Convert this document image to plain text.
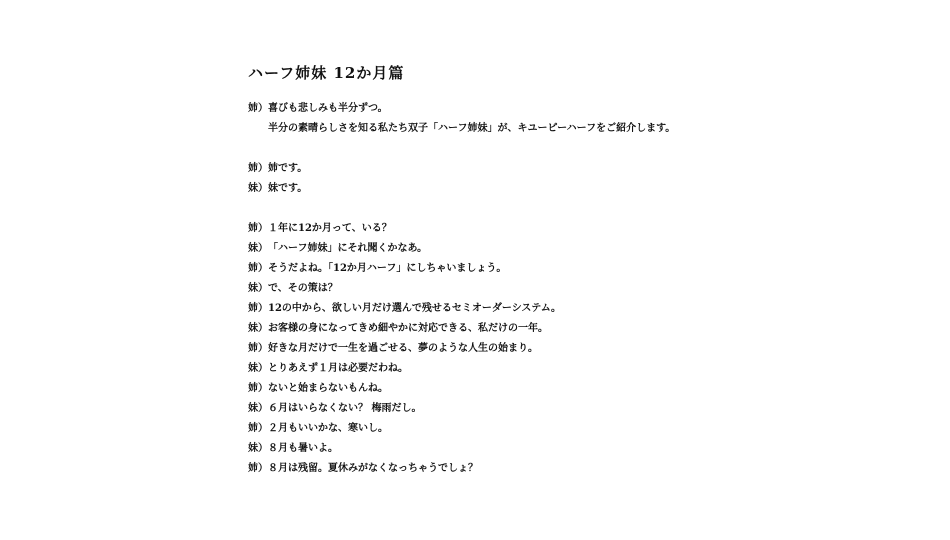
ハーフ姉妹 12か月篇
姉）喜びも悲しみも半分ずつ。
半分の素晴らしさを知る私たち双子「ハーフ姉妹」が、キユーピーハーフをご紹介します。
姉）姉です。
妹）妹です。
姉）１年に12か月って、いる？
妹）「ハーフ姉妹」にそれ聞くかなあ。
姉）そうだよね。「12か月ハーフ」にしちゃいましょう。
妹）で、その策は？
姉）12の中から、欲しい月だけ選んで残せるセミオーダーシステム。
妹）お客様の身になってきめ細やかに対応できる、私だけの一年。
姉）好きな月だけで一生を過ごせる、夢のような人生の始まり。
妹）とりあえず１月は必要だわね。
姉）ないと始まらないもんね。
妹）６月はいらなくない？ 梅雨だし。
姉）２月もいいかな、寒いし。
妹）８月も暑いよ。
姉）８月は残留。夏休みがなくなっちゃうでしょ？
